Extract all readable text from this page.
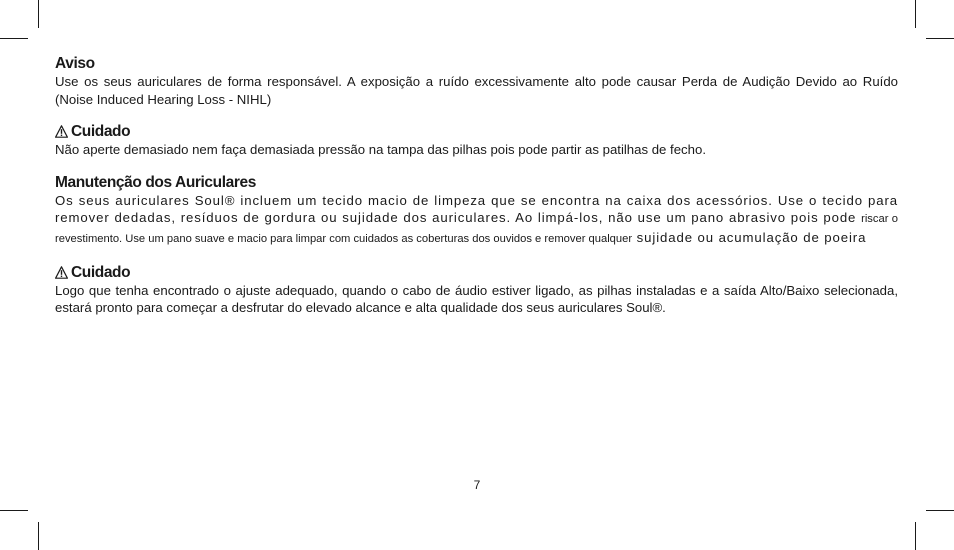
Aviso

Use os seus auriculares de forma responsável. A exposição a ruído excessivamente alto pode causar Perda de Audição Devido ao Ruído (Noise Induced Hearing Loss - NIHL)

Cuidado

Não aperte demasiado nem faça demasiada pressão na tampa das pilhas pois pode partir as patilhas de fecho.

Manutenção dos Auriculares

Os seus auriculares Soul® incluem um tecido macio de limpeza que se encontra na caixa dos acessórios. Use o tecido para remover dedadas, resíduos de gordura ou sujidade dos auriculares. Ao limpá-los, não use um pano abrasivo pois pode riscar o revestimento. Use um pano suave e macio para limpar com cuidados as coberturas dos ouvidos e remover qualquer sujidade ou acumulação de poeira

Cuidado

Logo que tenha encontrado o ajuste adequado, quando o cabo de áudio estiver ligado, as pilhas instaladas e a saída Alto/Baixo selecionada, estará pronto para começar a desfrutar do elevado alcance e alta qualidade dos seus auriculares Soul®.

7
